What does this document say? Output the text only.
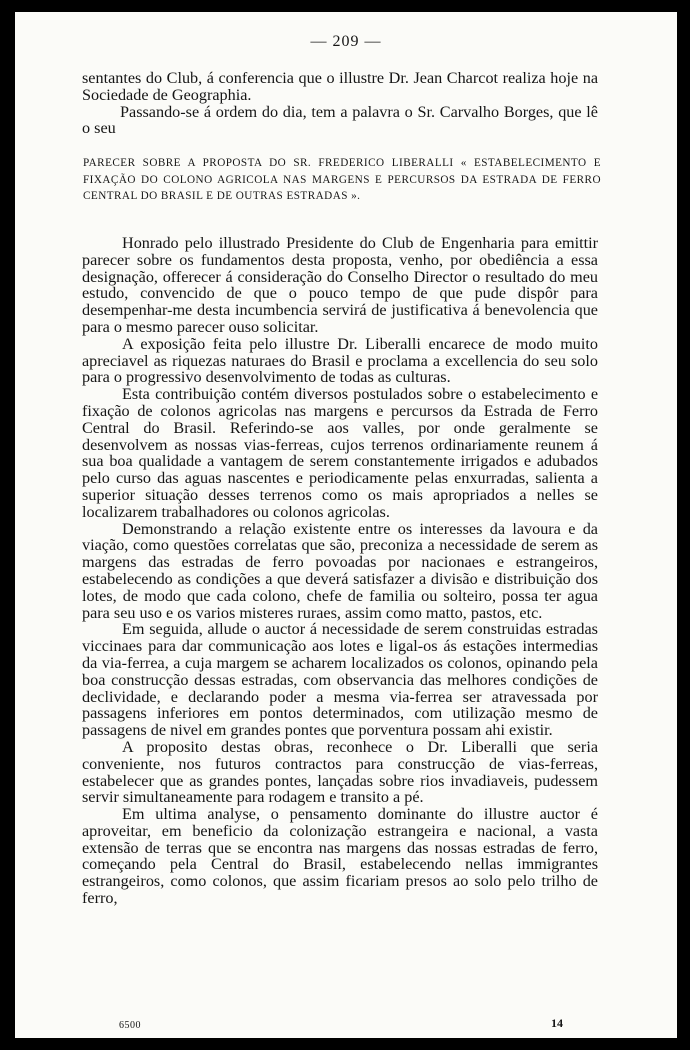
— 209 —

sentantes do Club, á conferencia que o illustre Dr. Jean Charcot realiza hoje na Sociedade de Geographia.

Passando-se á ordem do dia, tem a palavra o Sr. Carvalho Borges, que lê o seu

PARECER SOBRE A PROPOSTA DO SR. FREDERICO LIBERALLI « ESTABELECIMENTO E FIXAÇÃO DO COLONO AGRICOLA NAS MARGENS E PERCURSOS DA ESTRADA DE FERRO CENTRAL DO BRASIL E DE OUTRAS ESTRADAS ».

Honrado pelo illustrado Presidente do Club de Engenharia para emittir parecer sobre os fundamentos desta proposta, venho, por obediência a essa designação, offerecer á consideração do Conselho Director o resultado do meu estudo, convencido de que o pouco tempo de que pude dispôr para desempenhar-me desta incumbencia servirá de justificativa á benevolencia que para o mesmo parecer ouso solicitar.

A exposição feita pelo illustre Dr. Liberalli encarece de modo muito apreciavel as riquezas naturaes do Brasil e proclama a excellencia do seu solo para o progressivo desenvolvimento de todas as culturas.

Esta contribuição contém diversos postulados sobre o estabelecimento e fixação de colonos agricolas nas margens e percursos da Estrada de Ferro Central do Brasil. Referindo-se aos valles, por onde geralmente se desenvolvem as nossas vias-ferreas, cujos terrenos ordinariamente reunem á sua boa qualidade a vantagem de serem constantemente irrigados e adubados pelo curso das aguas nascentes e periodicamente pelas enxurradas, salienta a superior situação desses terrenos como os mais apropriados a nelles se localizarem trabalhadores ou colonos agricolas.

Demonstrando a relação existente entre os interesses da lavoura e da viação, como questões correlatas que são, preconiza a necessidade de serem as margens das estradas de ferro povoadas por nacionaes e estrangeiros, estabelecendo as condições a que deverá satisfazer a divisão e distribuição dos lotes, de modo que cada colono, chefe de familia ou solteiro, possa ter agua para seu uso e os varios misteres ruraes, assim como matto, pastos, etc.

Em seguida, allude o auctor á necessidade de serem construidas estradas viccinaes para dar communicação aos lotes e ligal-os ás estações intermedias da via-ferrea, a cuja margem se acharem localizados os colonos, opinando pela boa construcção dessas estradas, com observancia das melhores condições de declividade, e declarando poder a mesma via-ferrea ser atravessada por passagens inferiores em pontos determinados, com utilização mesmo de passagens de nivel em grandes pontes que porventura possam ahi existir.

A proposito destas obras, reconhece o Dr. Liberalli que seria conveniente, nos futuros contractos para construcção de vias-ferreas, estabelecer que as grandes pontes, lançadas sobre rios invadiaveis, pudessem servir simultaneamente para rodagem e transito a pé.

Em ultima analyse, o pensamento dominante do illustre auctor é aproveitar, em beneficio da colonização estrangeira e nacional, a vasta extensão de terras que se encontra nas margens das nossas estradas de ferro, começando pela Central do Brasil, estabelecendo nellas immigrantes estrangeiros, como colonos, que assim ficariam presos ao solo pelo trilho de ferro,

6500	14
